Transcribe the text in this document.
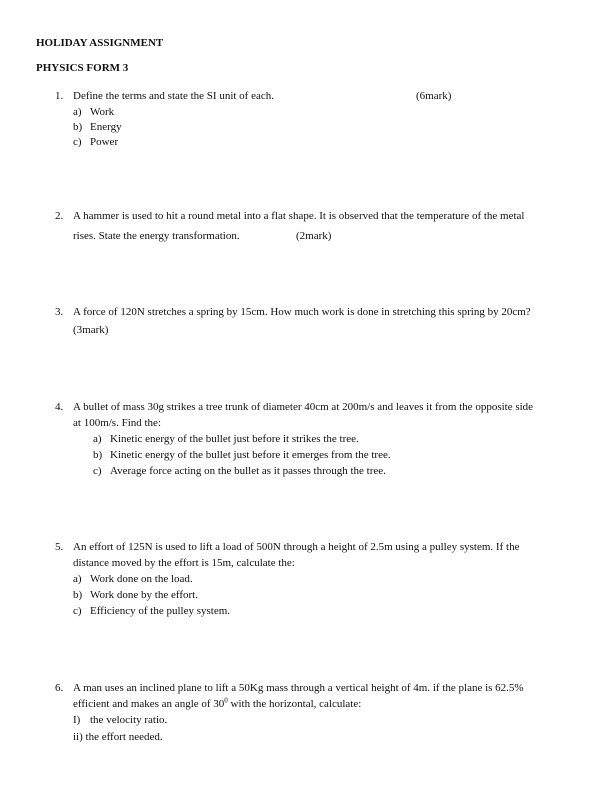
HOLIDAY ASSIGNMENT
PHYSICS FORM 3
1. Define the terms and state the SI unit of each.	(6mark)
a) Work
b) Energy
c) Power
2. A hammer is used to hit a round metal into a flat shape. It is observed that the temperature of the metal
rises. State the energy transformation.	(2mark)
3. A force of 120N stretches a spring by 15cm. How much work is done in stretching this spring by 20cm?
(3mark)
4. A bullet of mass 30g strikes a tree trunk of diameter 40cm at 200m/s and leaves it from the opposite side
at 100m/s. Find the:
a) Kinetic energy of the bullet just before it strikes the tree.
b) Kinetic energy of the bullet just before it emerges from the tree.
c) Average force acting on the bullet as it passes through the tree.
5. An effort of 125N is used to lift a load of 500N through a height of 2.5m using a pulley system. If the
distance moved by the effort is 15m, calculate the:
a) Work done on the load.
b) Work done by the effort.
c) Efficiency of the pulley system.
6. A man uses an inclined plane to lift a 50Kg mass through a vertical height of 4m. if the plane is 62.5%
efficient and makes an angle of $30^0$ with the horizontal, calculate:
I) the velocity ratio.
ii) the effort needed.
